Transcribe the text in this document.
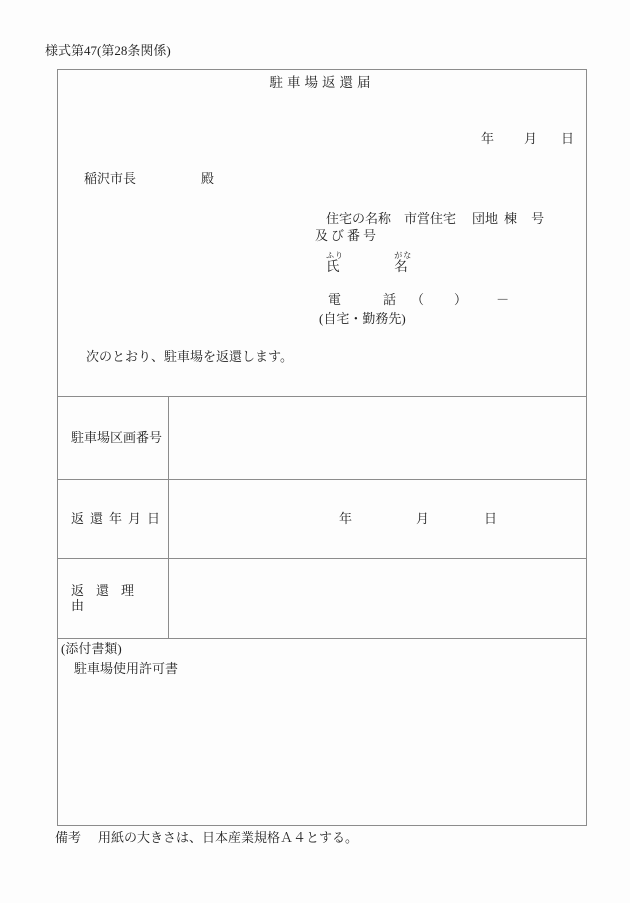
様式第47(第28条関係)
駐車場返還届
年 月 日
稲沢市長	殿
住宅の名称 市営住宅 団地 棟 号
及び番号
ふり
氏

がな
名
電	話 （ ） －
(自宅・勤務先)
次のとおり、駐車場を返還します。
駐車場区画番号
返還年月日	年	月	日
返還理由
(添付書類)
駐車場使用許可書
備考 用紙の大きさは、日本産業規格Ａ４とする。
